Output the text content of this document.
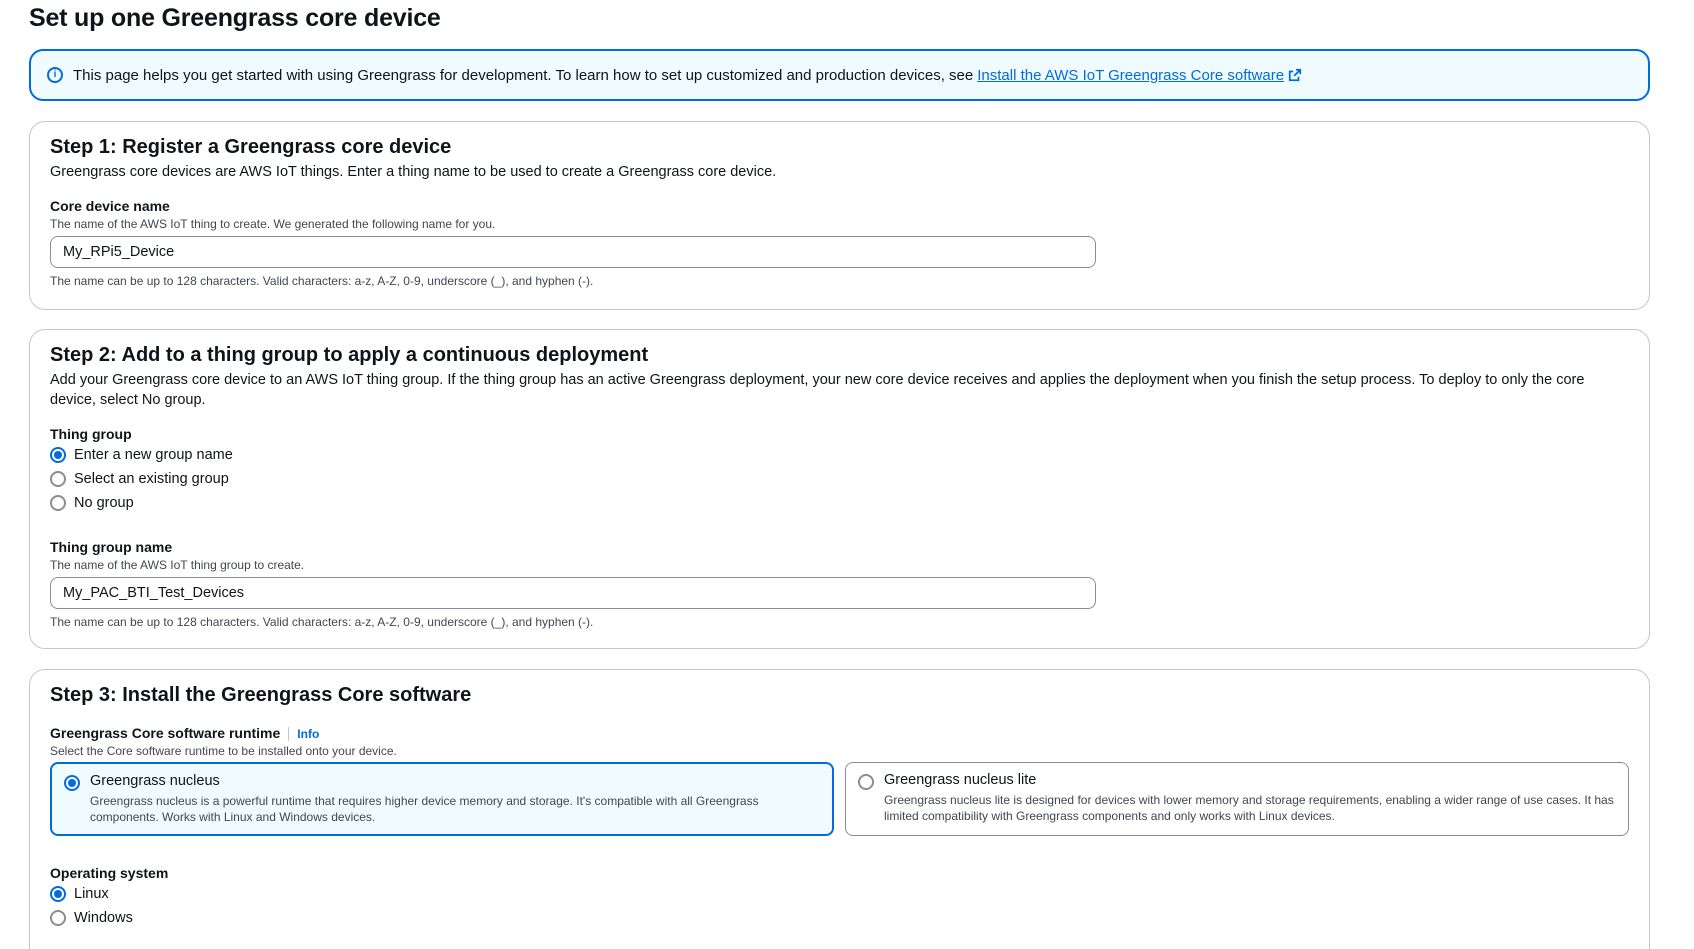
Set up one Greengrass core device
i	This page helps you get started with using Greengrass for development. To learn how to set up customized and production devices, see Install the AWS IoT Greengrass Core software
Step 1: Register a Greengrass core device
Greengrass core devices are AWS IoT things. Enter a thing name to be used to create a Greengrass core device.
Core device name
The name of the AWS IoT thing to create. We generated the following name for you.
My_RPi5_Device
The name can be up to 128 characters. Valid characters: a-z, A-Z, 0-9, underscore (_), and hyphen (-).
Step 2: Add to a thing group to apply a continuous deployment
Add your Greengrass core device to an AWS IoT thing group. If the thing group has an active Greengrass deployment, your new core device receives and applies the deployment when you finish the setup process. To deploy to only the core device, select No group.
Thing group
Enter a new group name
Select an existing group
No group
Thing group name
The name of the AWS IoT thing group to create.
My_PAC_BTI_Test_Devices
The name can be up to 128 characters. Valid characters: a-z, A-Z, 0-9, underscore (_), and hyphen (-).
Step 3: Install the Greengrass Core software
Greengrass Core software runtime Info
Select the Core software runtime to be installed onto your device.
Greengrass nucleus
Greengrass nucleus is a powerful runtime that requires higher device memory and storage. It's compatible with all Greengrass components. Works with Linux and Windows devices.
Greengrass nucleus lite
Greengrass nucleus lite is designed for devices with lower memory and storage requirements, enabling a wider range of use cases. It has limited compatibility with Greengrass components and only works with Linux devices.
Operating system
Linux
Windows
